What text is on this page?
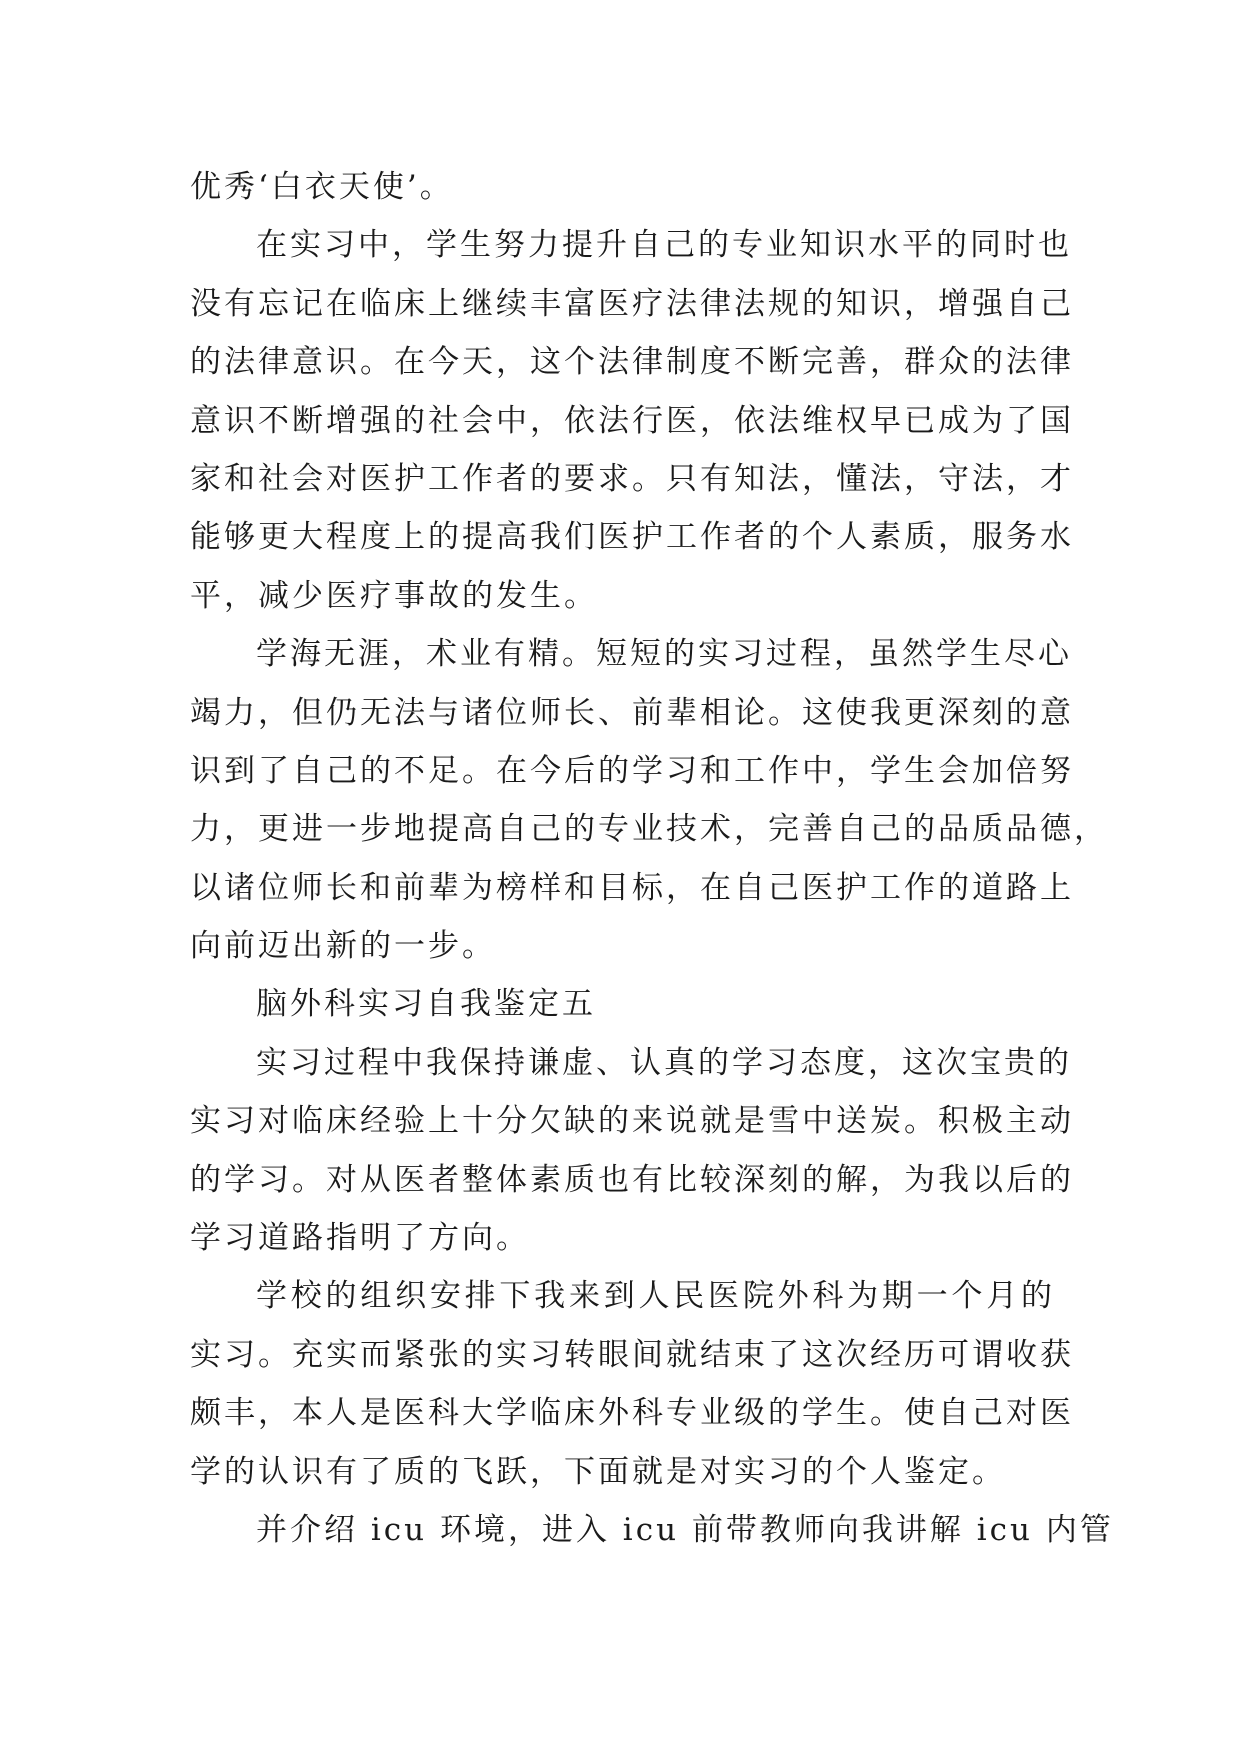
优秀‘白衣天使’。
在实习中，学生努力提升自己的专业知识水平的同时也
没有忘记在临床上继续丰富医疗法律法规的知识，增强自己
的法律意识。在今天，这个法律制度不断完善，群众的法律
意识不断增强的社会中，依法行医，依法维权早已成为了国
家和社会对医护工作者的要求。只有知法，懂法，守法，才
能够更大程度上的提高我们医护工作者的个人素质，服务水
平，减少医疗事故的发生。
学海无涯，术业有精。短短的实习过程，虽然学生尽心
竭力，但仍无法与诸位师长、前辈相论。这使我更深刻的意
识到了自己的不足。在今后的学习和工作中，学生会加倍努
力，更进一步地提高自己的专业技术，完善自己的品质品德，
以诸位师长和前辈为榜样和目标，在自己医护工作的道路上
向前迈出新的一步。
脑外科实习自我鉴定五
实习过程中我保持谦虚、认真的学习态度，这次宝贵的
实习对临床经验上十分欠缺的来说就是雪中送炭。积极主动
的学习。对从医者整体素质也有比较深刻的解，为我以后的
学习道路指明了方向。
学校的组织安排下我来到人民医院外科为期一个月的
实习。充实而紧张的实习转眼间就结束了这次经历可谓收获
颇丰，本人是医科大学临床外科专业级的学生。使自己对医
学的认识有了质的飞跃，下面就是对实习的个人鉴定。
并介绍 icu 环境，进入 icu 前带教师向我讲解 icu 内管
